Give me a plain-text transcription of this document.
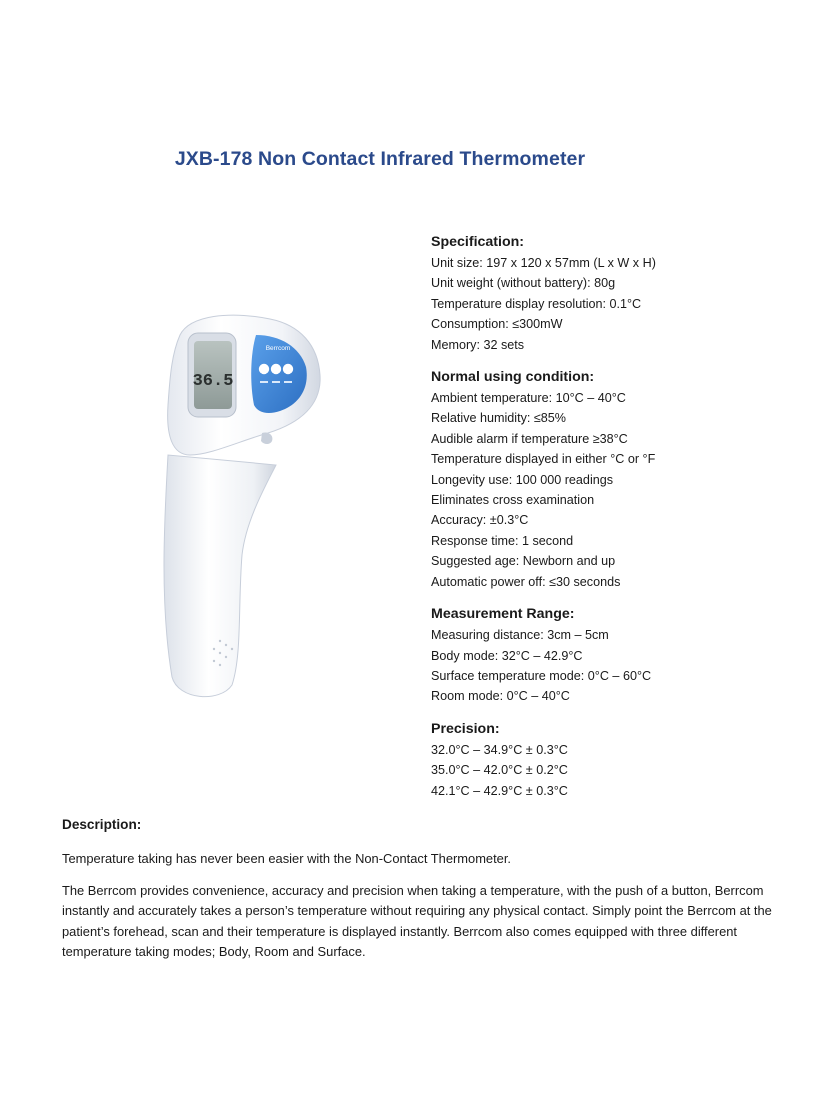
JXB-178 Non Contact Infrared Thermometer
36.5
Berrcom
Specification:
Unit size: 197 x 120 x 57mm (L x W x H)
Unit weight (without battery): 80g
Temperature display resolution: 0.1°C
Consumption: ≤300mW
Memory: 32 sets
Normal using condition:
Ambient temperature: 10°C – 40°C
Relative humidity: ≤85%
Audible alarm if temperature ≥38°C
Temperature displayed in either °C or °F
Longevity use: 100 000 readings
Eliminates cross examination
Accuracy: ±0.3°C
Response time: 1 second
Suggested age: Newborn and up
Automatic power off: ≤30 seconds
Measurement Range:
Measuring distance: 3cm – 5cm
Body mode: 32°C – 42.9°C
Surface temperature mode: 0°C – 60°C
Room mode: 0°C – 40°C
Precision:
32.0°C – 34.9°C ± 0.3°C
35.0°C – 42.0°C ± 0.2°C
42.1°C – 42.9°C ± 0.3°C
Description:

Temperature taking has never been easier with the Non-Contact Thermometer.

The Berrcom provides convenience, accuracy and precision when taking a temperature, with the push of a button, Berrcom instantly and accurately takes a person’s temperature without requiring any physical contact. Simply point the Berrcom at the patient’s forehead, scan and their temperature is displayed instantly. Berrcom also comes equipped with three different temperature taking modes; Body, Room and Surface.
